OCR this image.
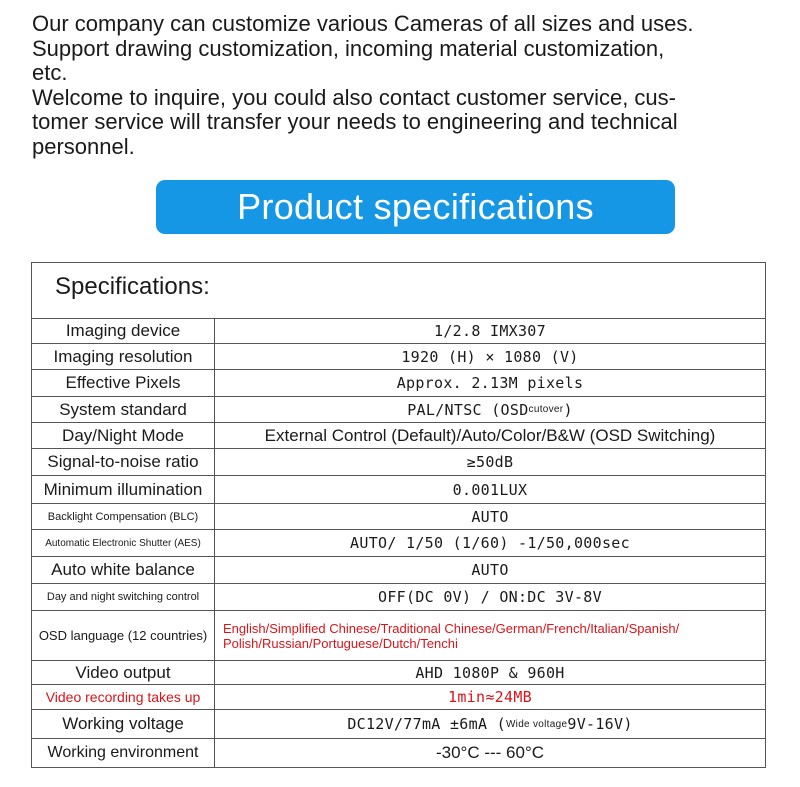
Our company can customize various Cameras of all sizes and uses.

Support drawing customization, incoming material customization,

etc.

Welcome to inquire, you could also contact customer service, cus-

tomer service will transfer your needs to engineering and technical

personnel.

Product specifications
Specifications:
Imaging device	1/2.8 IMX307
Imaging resolution	1920 (H) × 1080 (V)
Effective Pixels	Approx. 2.13M pixels
System standard	PAL/NTSC (OSD cutover )
Day/Night Mode	External Control (Default)/Auto/Color/B&W (OSD Switching)
Signal-to-noise ratio	≥50dB
Minimum illumination	0.001LUX
Backlight Compensation (BLC)	AUTO
Automatic Electronic Shutter (AES)	AUTO/ 1/50 (1/60) -1/50,000sec
Auto white balance	AUTO
Day and night switching control	OFF(DC 0V) / ON:DC 3V-8V
OSD language (12 countries)	English/Simplified Chinese/Traditional Chinese/German/French/Italian/Spanish/ Polish/Russian/Portuguese/Dutch/Tenchi
Video output	AHD 1080P & 960H
Video recording takes up	1min≈24MB
Working voltage	DC12V/77mA ±6mA ( Wide voltage 9V-16V)
Working environment	-30°C --- 60°C
